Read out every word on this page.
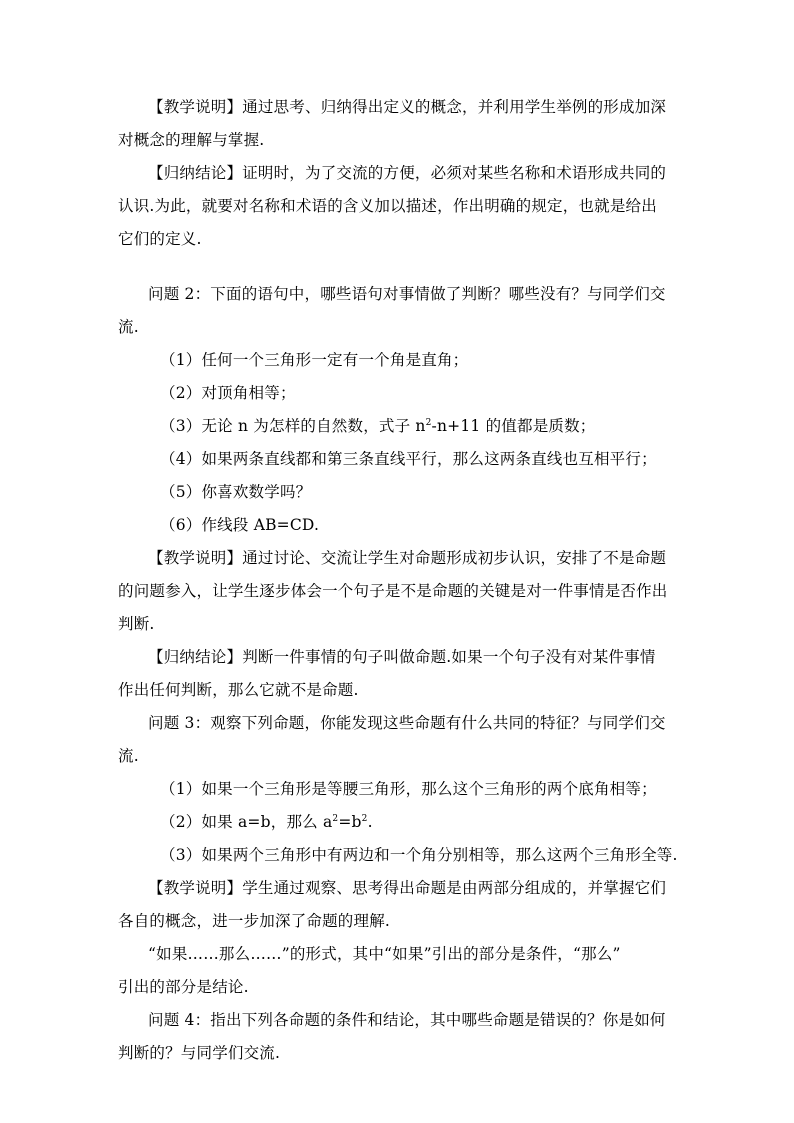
【教学说明】通过思考、归纳得出定义的概念，并利用学生举例的形成加深
对概念的理解与掌握.
【归纳结论】证明时，为了交流的方便，必须对某些名称和术语形成共同的
认识.为此，就要对名称和术语的含义加以描述，作出明确的规定，也就是给出
它们的定义.
问题 2：下面的语句中，哪些语句对事情做了判断？哪些没有？与同学们交
流.
（1）任何一个三角形一定有一个角是直角；
（2）对顶角相等；
（3）无论 n 为怎样的自然数，式子 $n^2-n+11$ 的值都是质数；
（4）如果两条直线都和第三条直线平行，那么这两条直线也互相平行；
（5）你喜欢数学吗？
（6）作线段 AB=CD.
【教学说明】通过讨论、交流让学生对命题形成初步认识，安排了不是命题
的问题参入，让学生逐步体会一个句子是不是命题的关键是对一件事情是否作出
判断.
【归纳结论】判断一件事情的句子叫做命题.如果一个句子没有对某件事情
作出任何判断，那么它就不是命题.
问题 3：观察下列命题，你能发现这些命题有什么共同的特征？与同学们交
流.
（1）如果一个三角形是等腰三角形，那么这个三角形的两个底角相等；
（2）如果 a=b，那么 $a^2=b^2$.
（3）如果两个三角形中有两边和一个角分别相等，那么这两个三角形全等.
【教学说明】学生通过观察、思考得出命题是由两部分组成的，并掌握它们
各自的概念，进一步加深了命题的理解.
“如果……那么……”的形式，其中“如果”引出的部分是条件，“那么”
引出的部分是结论.
问题 4：指出下列各命题的条件和结论，其中哪些命题是错误的？你是如何
判断的？与同学们交流.
